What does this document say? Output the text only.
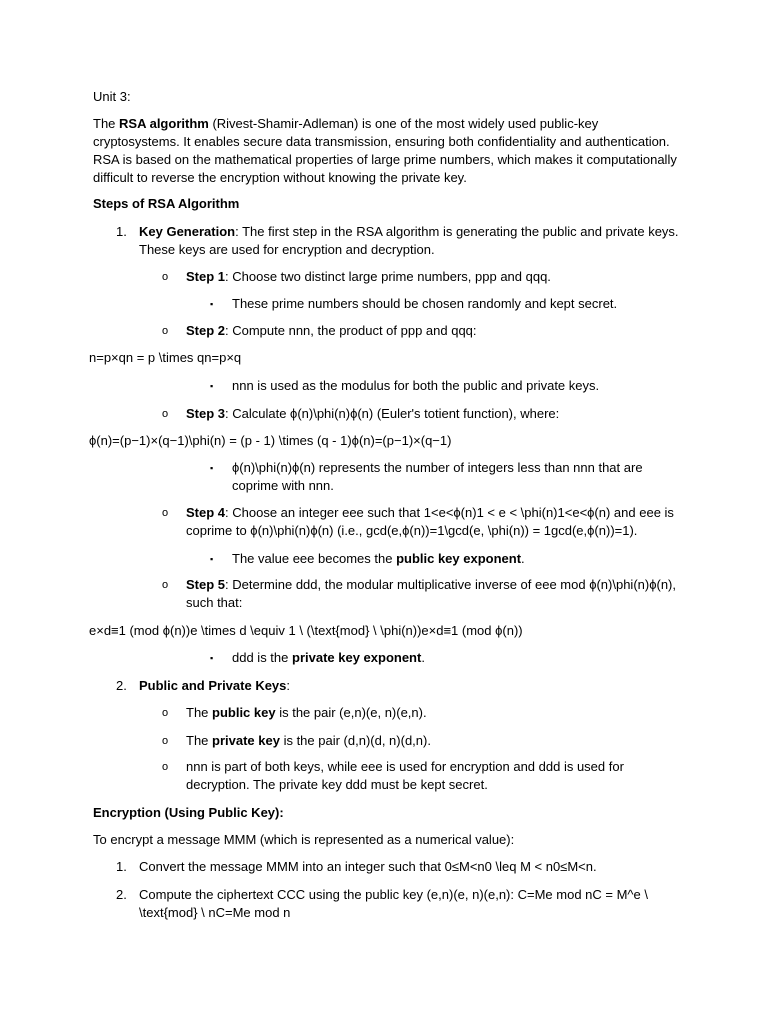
Unit 3:
The RSA algorithm (Rivest-Shamir-Adleman) is one of the most widely used public-key cryptosystems. It enables secure data transmission, ensuring both confidentiality and authentication. RSA is based on the mathematical properties of large prime numbers, which makes it computationally difficult to reverse the encryption without knowing the private key.
Steps of RSA Algorithm
1. Key Generation: The first step in the RSA algorithm is generating the public and private keys. These keys are used for encryption and decryption.
o Step 1: Choose two distinct large prime numbers, ppp and qqq.
▪ These prime numbers should be chosen randomly and kept secret.
o Step 2: Compute nnn, the product of ppp and qqq:
n=p×qn = p \times qn=p×q
▪ nnn is used as the modulus for both the public and private keys.
o Step 3: Calculate ϕ(n)\phi(n)ϕ(n) (Euler's totient function), where:
ϕ(n)=(p−1)×(q−1)\phi(n) = (p - 1) \times (q - 1)ϕ(n)=(p−1)×(q−1)
▪ ϕ(n)\phi(n)ϕ(n) represents the number of integers less than nnn that are coprime with nnn.
o Step 4: Choose an integer eee such that 1<e<ϕ(n)1 < e < \phi(n)1<e<ϕ(n) and eee is coprime to ϕ(n)\phi(n)ϕ(n) (i.e., gcd⁡(e,ϕ(n))=1\gcd(e, \phi(n)) = 1gcd(e,ϕ(n))=1).
▪ The value eee becomes the public key exponent.
o Step 5: Determine ddd, the modular multiplicative inverse of eee mod ϕ(n)\phi(n)ϕ(n), such that:
e×d≡1 (mod ϕ(n))e \times d \equiv 1 \ (\text{mod} \ \phi(n))e×d≡1 (mod ϕ(n))
▪ ddd is the private key exponent.
2. Public and Private Keys:
o The public key is the pair (e,n)(e, n)(e,n).
o The private key is the pair (d,n)(d, n)(d,n).
o nnn is part of both keys, while eee is used for encryption and ddd is used for decryption. The private key ddd must be kept secret.
Encryption (Using Public Key):
To encrypt a message MMM (which is represented as a numerical value):
1. Convert the message MMM into an integer such that 0≤M<n0 \leq M < n0≤M<n.
2. Compute the ciphertext CCC using the public key (e,n)(e, n)(e,n): C=Me mod nC = M^e \ \text{mod} \ nC=Me mod n
